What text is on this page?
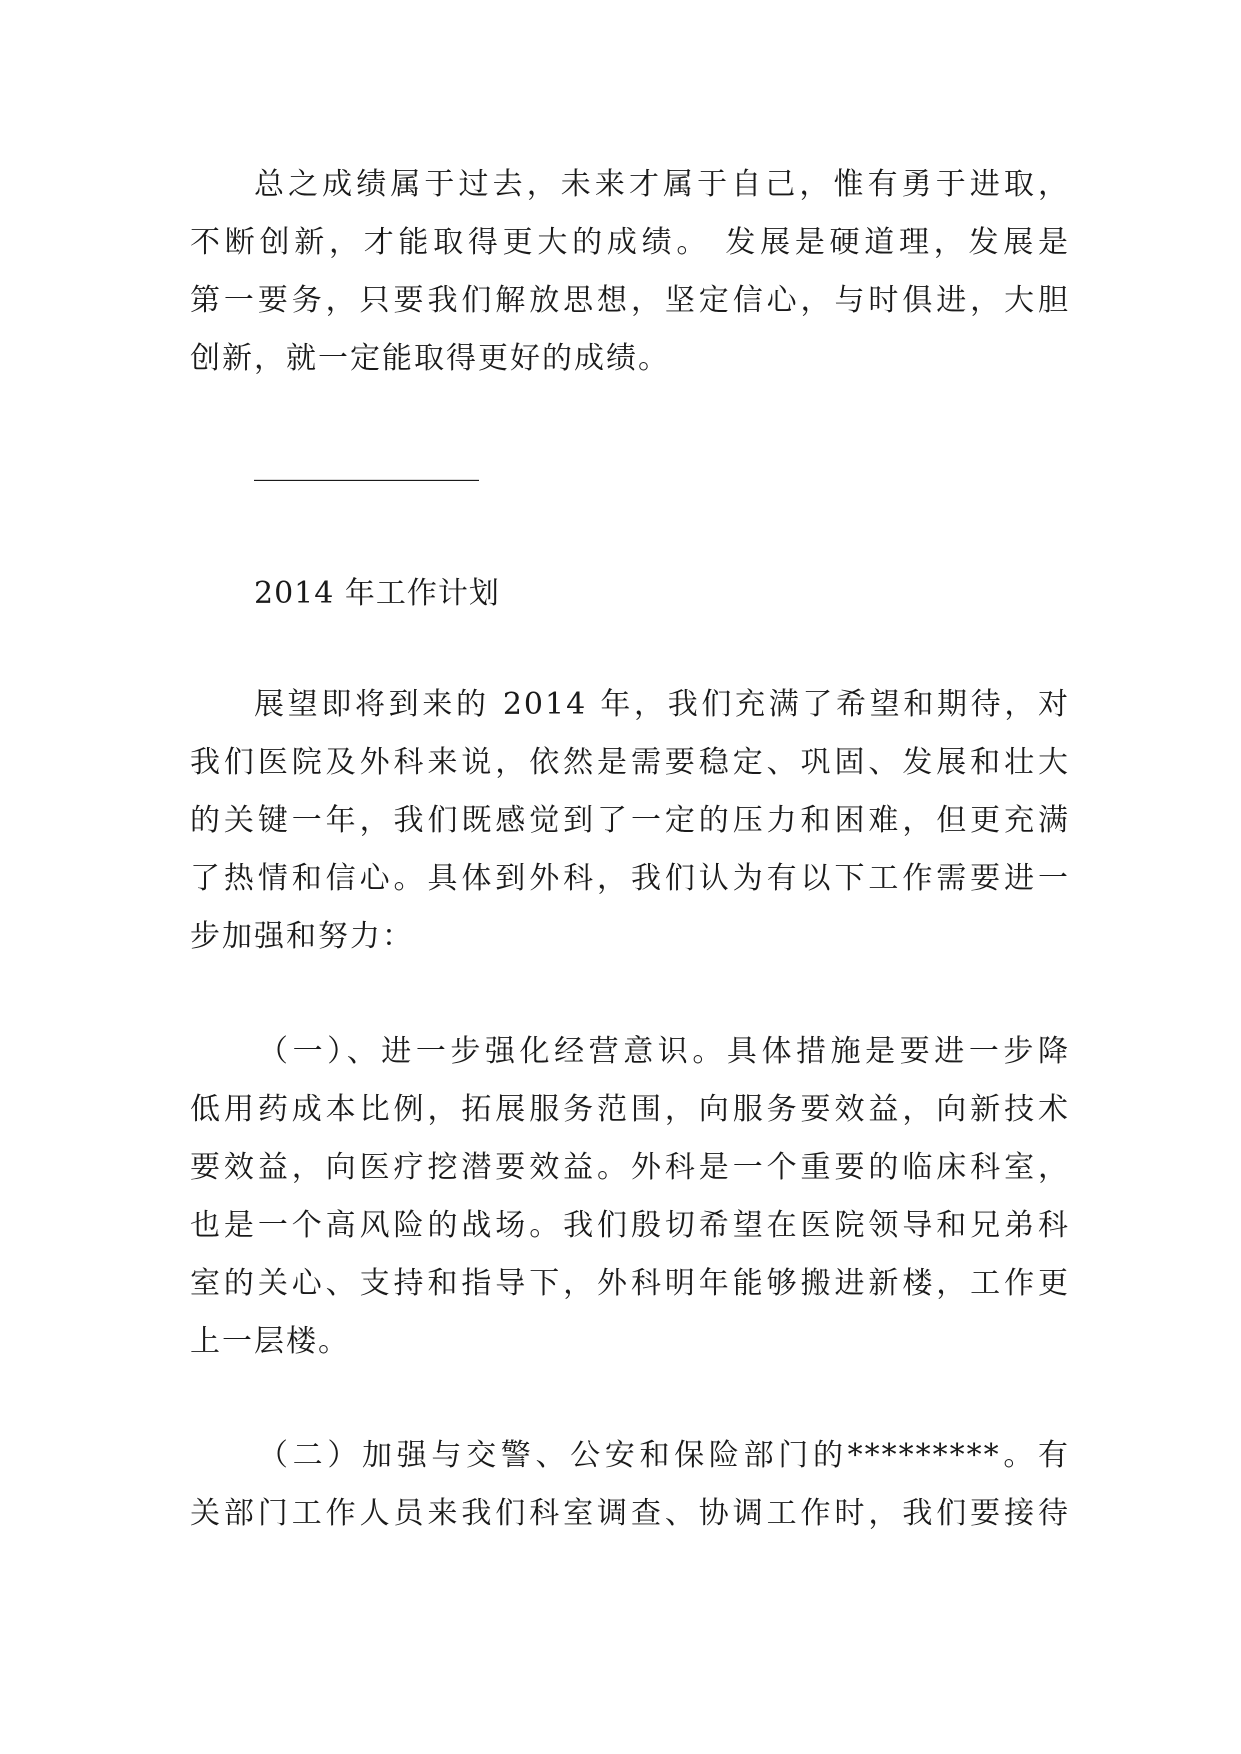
总之成绩属于过去，未来才属于自己，惟有勇于进取，
不断创新，才能取得更大的成绩。 发展是硬道理，发展是
第一要务，只要我们解放思想，坚定信心，与时俱进，大胆
创新，就一定能取得更好的成绩。
_______________
2014 年工作计划
展望即将到来的 2014 年，我们充满了希望和期待，对
我们医院及外科来说，依然是需要稳定、巩固、发展和壮大
的关键一年，我们既感觉到了一定的压力和困难，但更充满
了热情和信心。具体到外科，我们认为有以下工作需要进一
步加强和努力：
（一）、进一步强化经营意识。具体措施是要进一步降
低用药成本比例，拓展服务范围，向服务要效益，向新技术
要效益，向医疗挖潜要效益。外科是一个重要的临床科室，
也是一个高风险的战场。我们殷切希望在医院领导和兄弟科
室的关心、支持和指导下，外科明年能够搬进新楼，工作更
上一层楼。
（二）加强与交警、公安和保险部门的*********。有
关部门工作人员来我们科室调查、协调工作时，我们要接待
